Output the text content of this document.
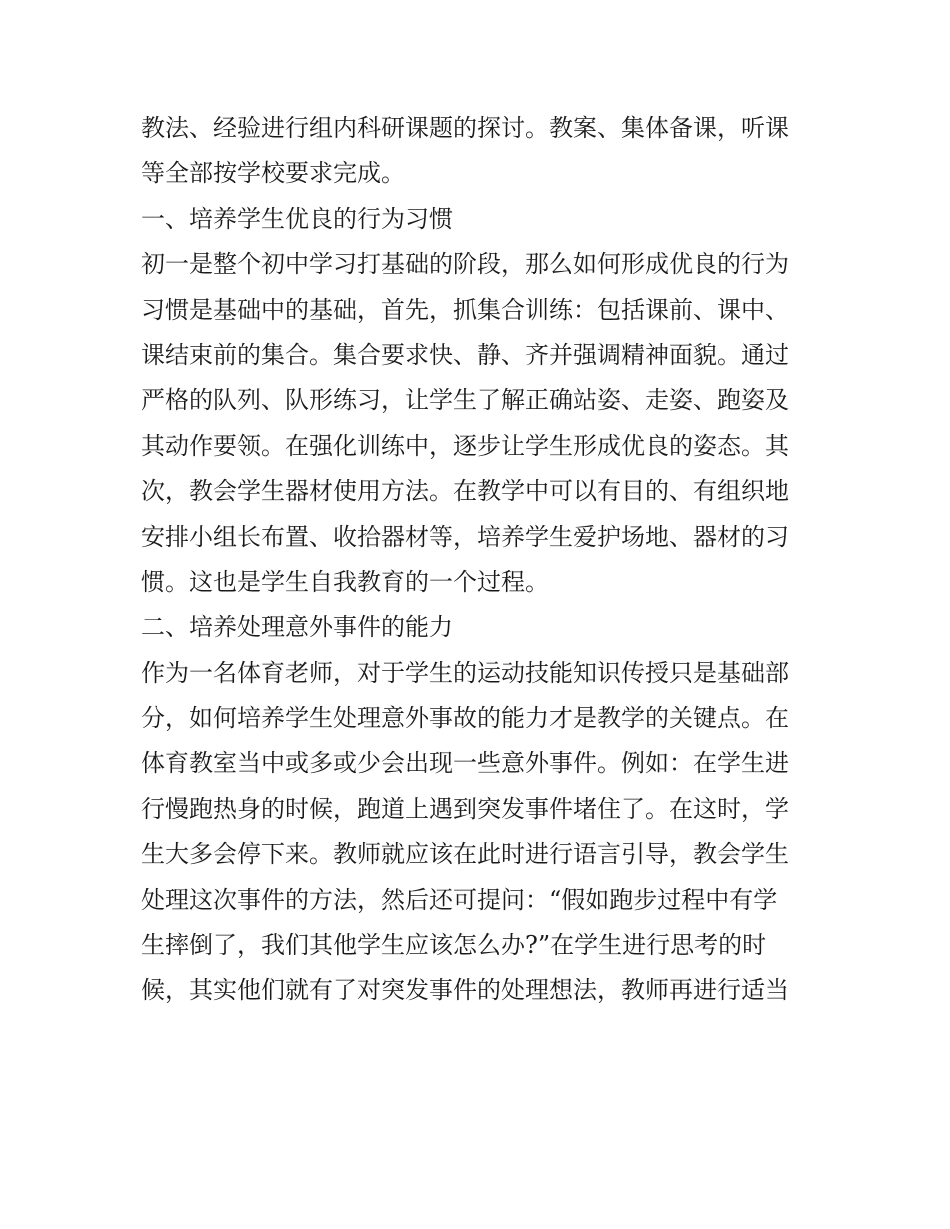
教法、经验进行组内科研课题的探讨。教案、集体备课，听课
等全部按学校要求完成。
一、培养学生优良的行为习惯
初一是整个初中学习打基础的阶段，那么如何形成优良的行为
习惯是基础中的基础，首先，抓集合训练：包括课前、课中、
课结束前的集合。集合要求快、静、齐并强调精神面貌。通过
严格的队列、队形练习，让学生了解正确站姿、走姿、跑姿及
其动作要领。在强化训练中，逐步让学生形成优良的姿态。其
次，教会学生器材使用方法。在教学中可以有目的、有组织地
安排小组长布置、收拾器材等，培养学生爱护场地、器材的习
惯。这也是学生自我教育的一个过程。
二、培养处理意外事件的能力
作为一名体育老师，对于学生的运动技能知识传授只是基础部
分，如何培养学生处理意外事故的能力才是教学的关键点。在
体育教室当中或多或少会出现一些意外事件。例如：在学生进
行慢跑热身的时候，跑道上遇到突发事件堵住了。在这时，学
生大多会停下来。教师就应该在此时进行语言引导，教会学生
处理这次事件的方法，然后还可提问：“假如跑步过程中有学
生摔倒了，我们其他学生应该怎么办?”在学生进行思考的时
候，其实他们就有了对突发事件的处理想法，教师再进行适当
